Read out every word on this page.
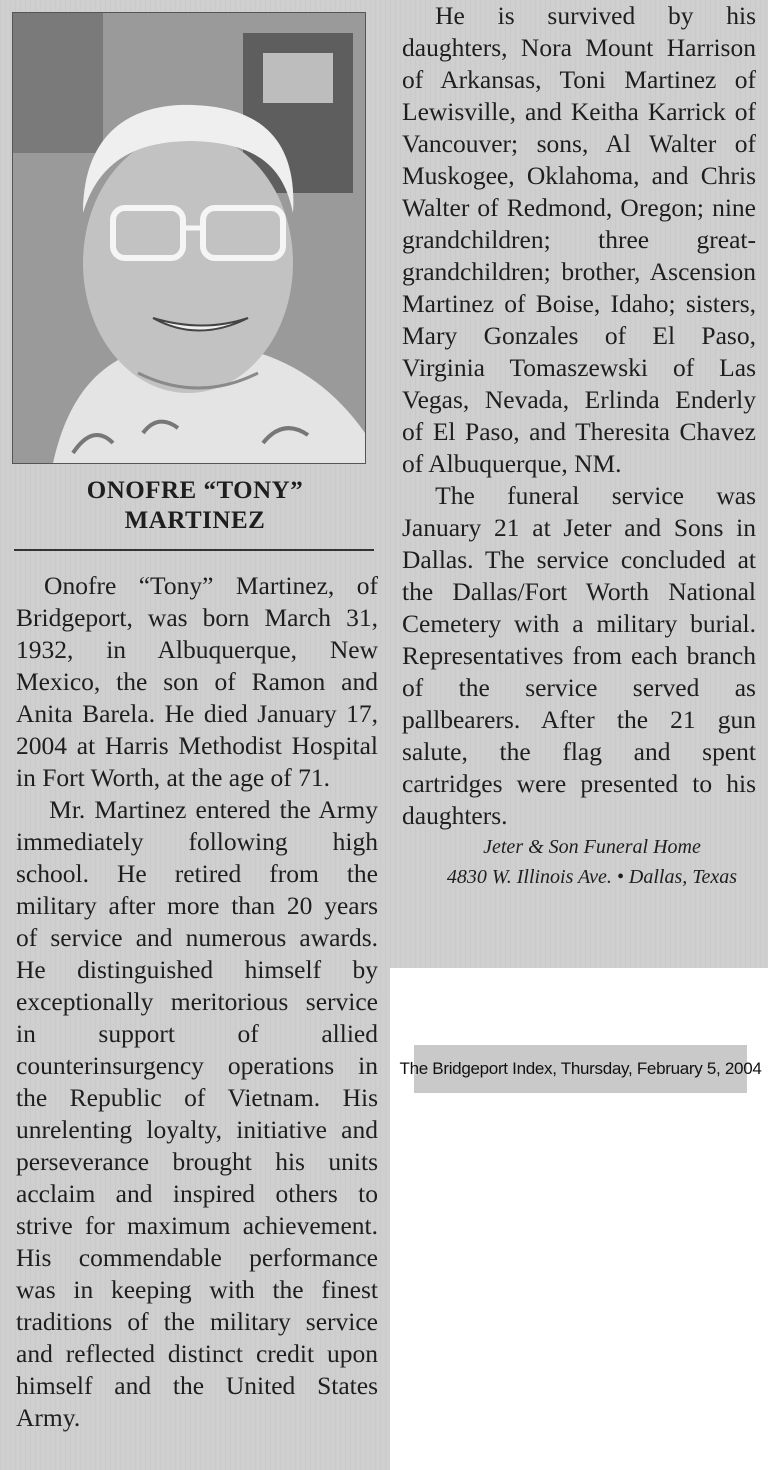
ONOFRE “TONY”
MARTINEZ

Onofre “Tony” Martinez, of Bridgeport, was born March 31, 1932, in Albuquerque, New Mexico, the son of Ramon and Anita Barela. He died January 17, 2004 at Harris Methodist Hospital in Fort Worth, at the age of 71.

Mr. Martinez entered the Army immediately following high school. He retired from the military after more than 20 years of service and numerous awards. He distinguished himself by exceptionally meritorious service in support of allied counterinsurgency operations in the Republic of Vietnam. His unrelenting loyalty, initiative and perseverance brought his units acclaim and inspired others to strive for maximum achievement. His commendable performance was in keeping with the finest traditions of the military service and reflected distinct credit upon himself and the United States Army.

He is survived by his daughters, Nora Mount Harrison of Arkansas, Toni Martinez of Lewisville, and Keitha Karrick of Vancouver; sons, Al Walter of Muskogee, Oklahoma, and Chris Walter of Redmond, Oregon; nine grandchildren; three great-grandchildren; brother, Ascension Martinez of Boise, Idaho; sisters, Mary Gonzales of El Paso, Virginia Tomaszewski of Las Vegas, Nevada, Erlinda Enderly of El Paso, and Theresita Chavez of Albuquerque, NM.

The funeral service was January 21 at Jeter and Sons in Dallas. The service concluded at the Dallas/Fort Worth National Cemetery with a military burial. Representatives from each branch of the service served as pallbearers. After the 21 gun salute, the flag and spent cartridges were presented to his daughters.

Jeter & Son Funeral Home

4830 W. Illinois Ave. • Dallas, Texas

The Bridgeport Index, Thursday, February 5, 2004
